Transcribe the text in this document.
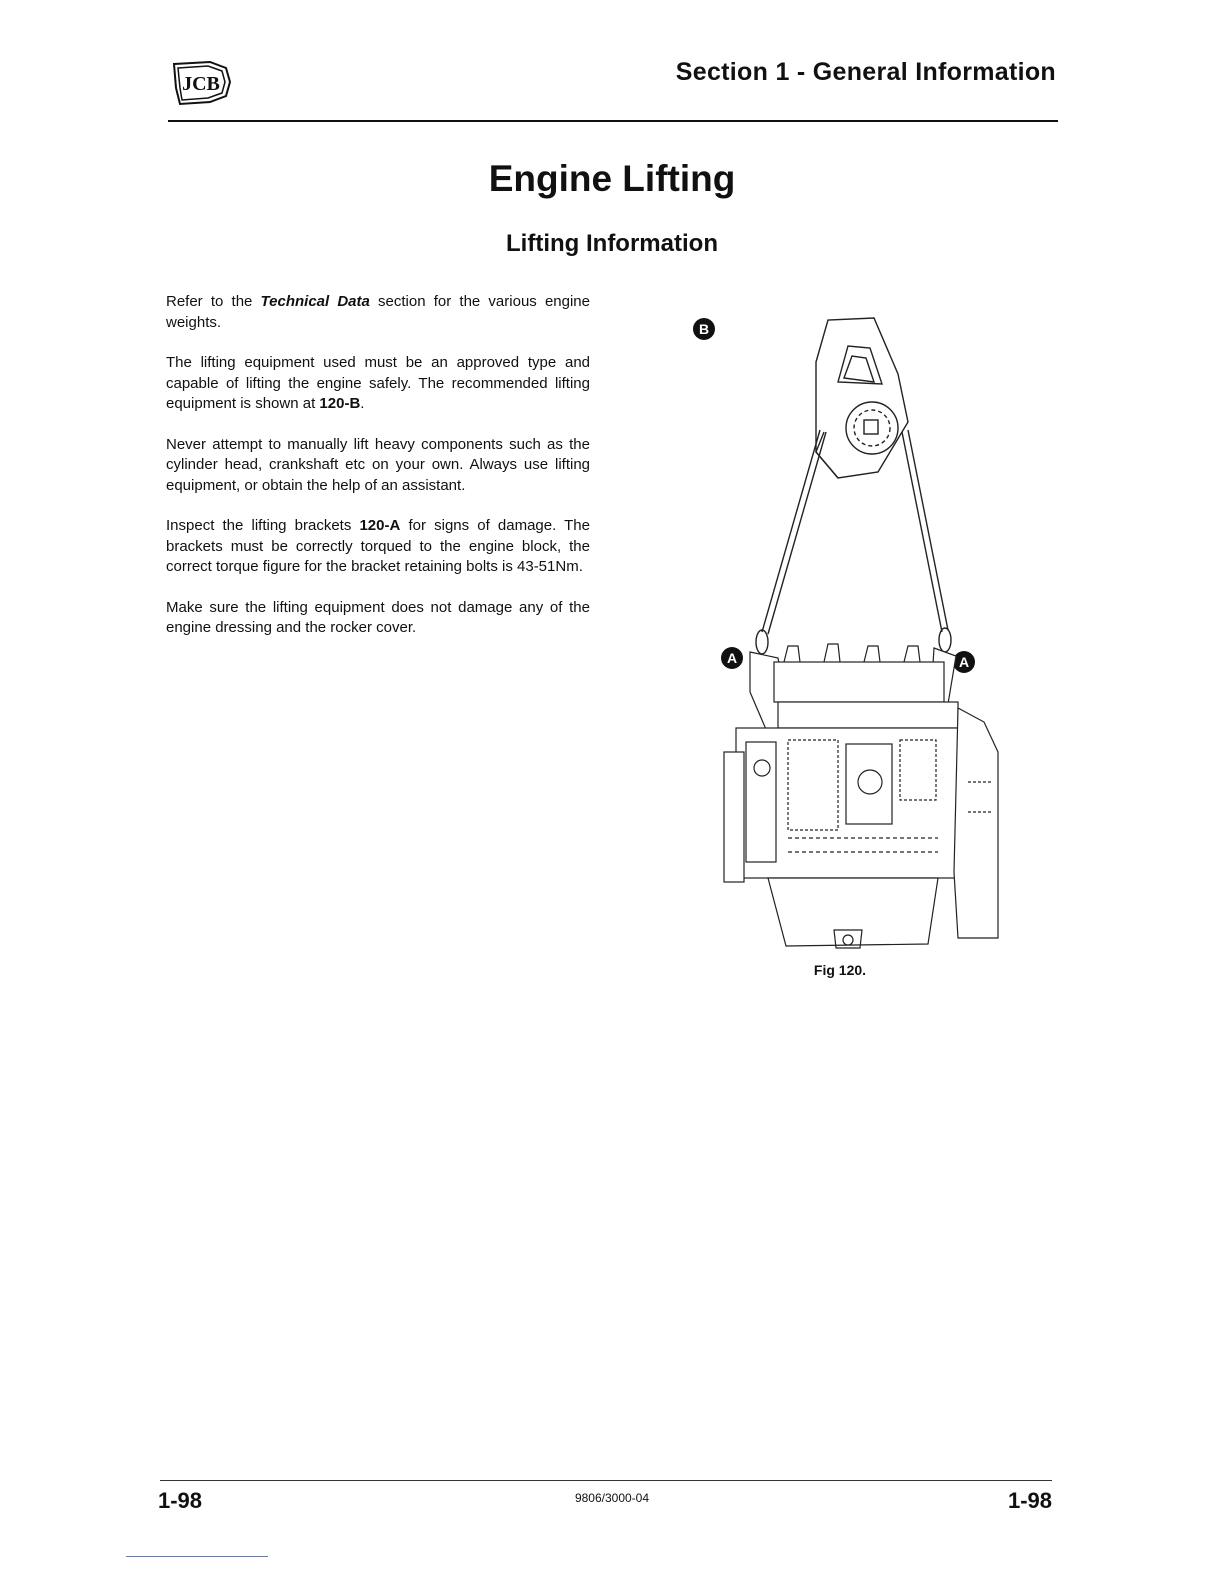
JCB	Section 1 - General Information
Engine Lifting
Lifting Information

Refer to the Technical Data section for the various engine weights.

The lifting equipment used must be an approved type and capable of lifting the engine safely. The recommended lifting equipment is shown at 120-B.

Never attempt to manually lift heavy components such as the cylinder head, crankshaft etc on your own. Always use lifting equipment, or obtain the help of an assistant.

Inspect the lifting brackets 120-A for signs of damage. The brackets must be correctly torqued to the engine block, the correct torque figure for the bracket retaining bolts is 43-51Nm.

Make sure the lifting equipment does not damage any of the engine dressing and the rocker cover.

B
A	A
Fig 120.
1-98	9806/3000-04	1-98
